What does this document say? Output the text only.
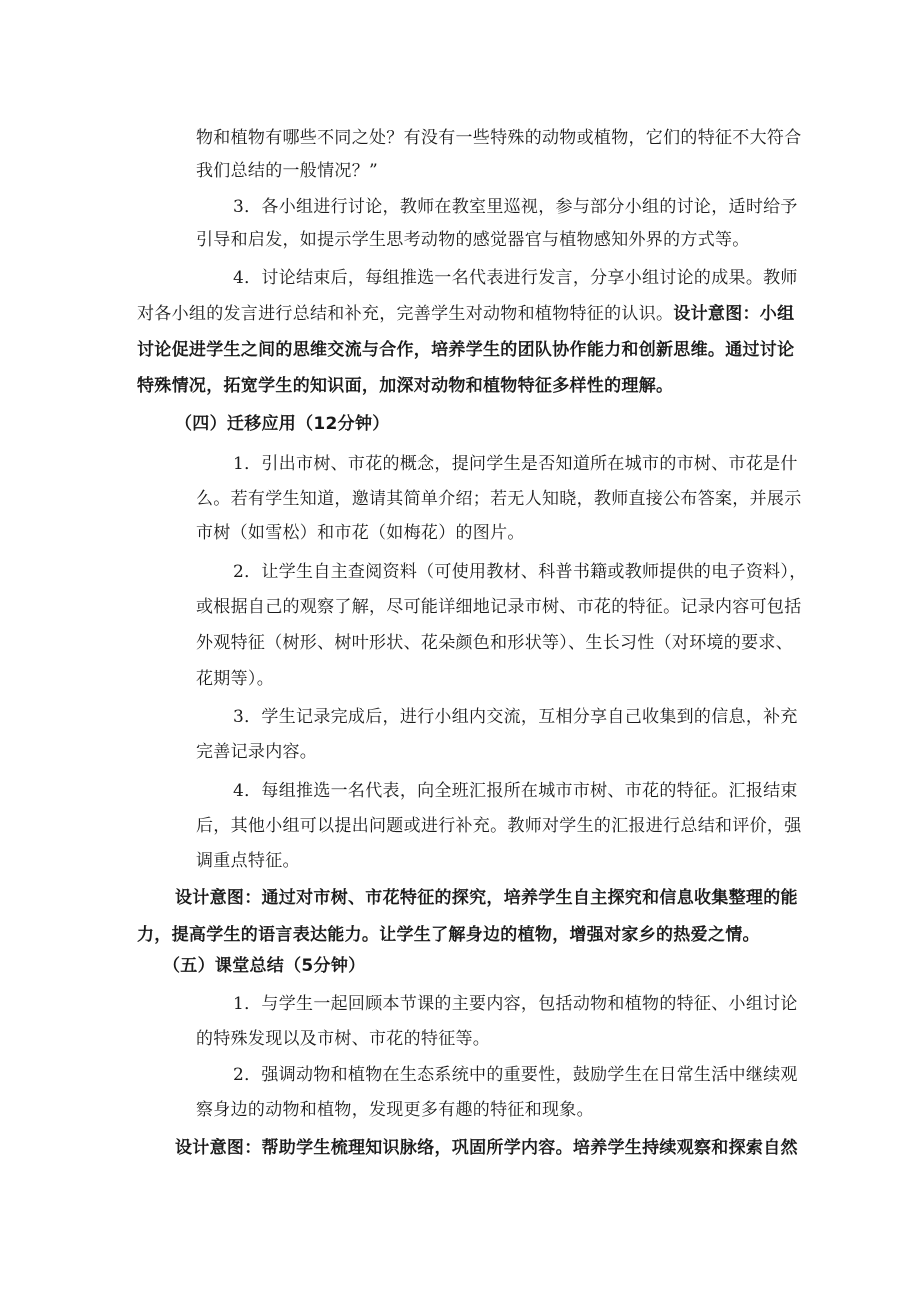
物和植物有哪些不同之处？有没有一些特殊的动物或植物，它们的特征不大符合
我们总结的一般情况？”
3．各小组进行讨论，教师在教室里巡视，参与部分小组的讨论，适时给予
引导和启发，如提示学生思考动物的感觉器官与植物感知外界的方式等。
4．讨论结束后，每组推选一名代表进行发言，分享小组讨论的成果。教师
对各小组的发言进行总结和补充，完善学生对动物和植物特征的认识。设计意图：小组
讨论促进学生之间的思维交流与合作，培养学生的团队协作能力和创新思维。通过讨论
特殊情况，拓宽学生的知识面，加深对动物和植物特征多样性的理解。
（四）迁移应用（12分钟）
1．引出市树、市花的概念，提问学生是否知道所在城市的市树、市花是什
么。若有学生知道，邀请其简单介绍；若无人知晓，教师直接公布答案，并展示
市树（如雪松）和市花（如梅花）的图片。
2．让学生自主查阅资料（可使用教材、科普书籍或教师提供的电子资料），
或根据自己的观察了解，尽可能详细地记录市树、市花的特征。记录内容可包括
外观特征（树形、树叶形状、花朵颜色和形状等）、生长习性（对环境的要求、
花期等）。
3．学生记录完成后，进行小组内交流，互相分享自己收集到的信息，补充
完善记录内容。
4．每组推选一名代表，向全班汇报所在城市市树、市花的特征。汇报结束
后，其他小组可以提出问题或进行补充。教师对学生的汇报进行总结和评价，强
调重点特征。
设计意图：通过对市树、市花特征的探究，培养学生自主探究和信息收集整理的能
力，提高学生的语言表达能力。让学生了解身边的植物，增强对家乡的热爱之情。
（五）课堂总结（5分钟）
1．与学生一起回顾本节课的主要内容，包括动物和植物的特征、小组讨论
的特殊发现以及市树、市花的特征等。
2．强调动物和植物在生态系统中的重要性，鼓励学生在日常生活中继续观
察身边的动物和植物，发现更多有趣的特征和现象。
设计意图：帮助学生梳理知识脉络，巩固所学内容。培养学生持续观察和探索自然
